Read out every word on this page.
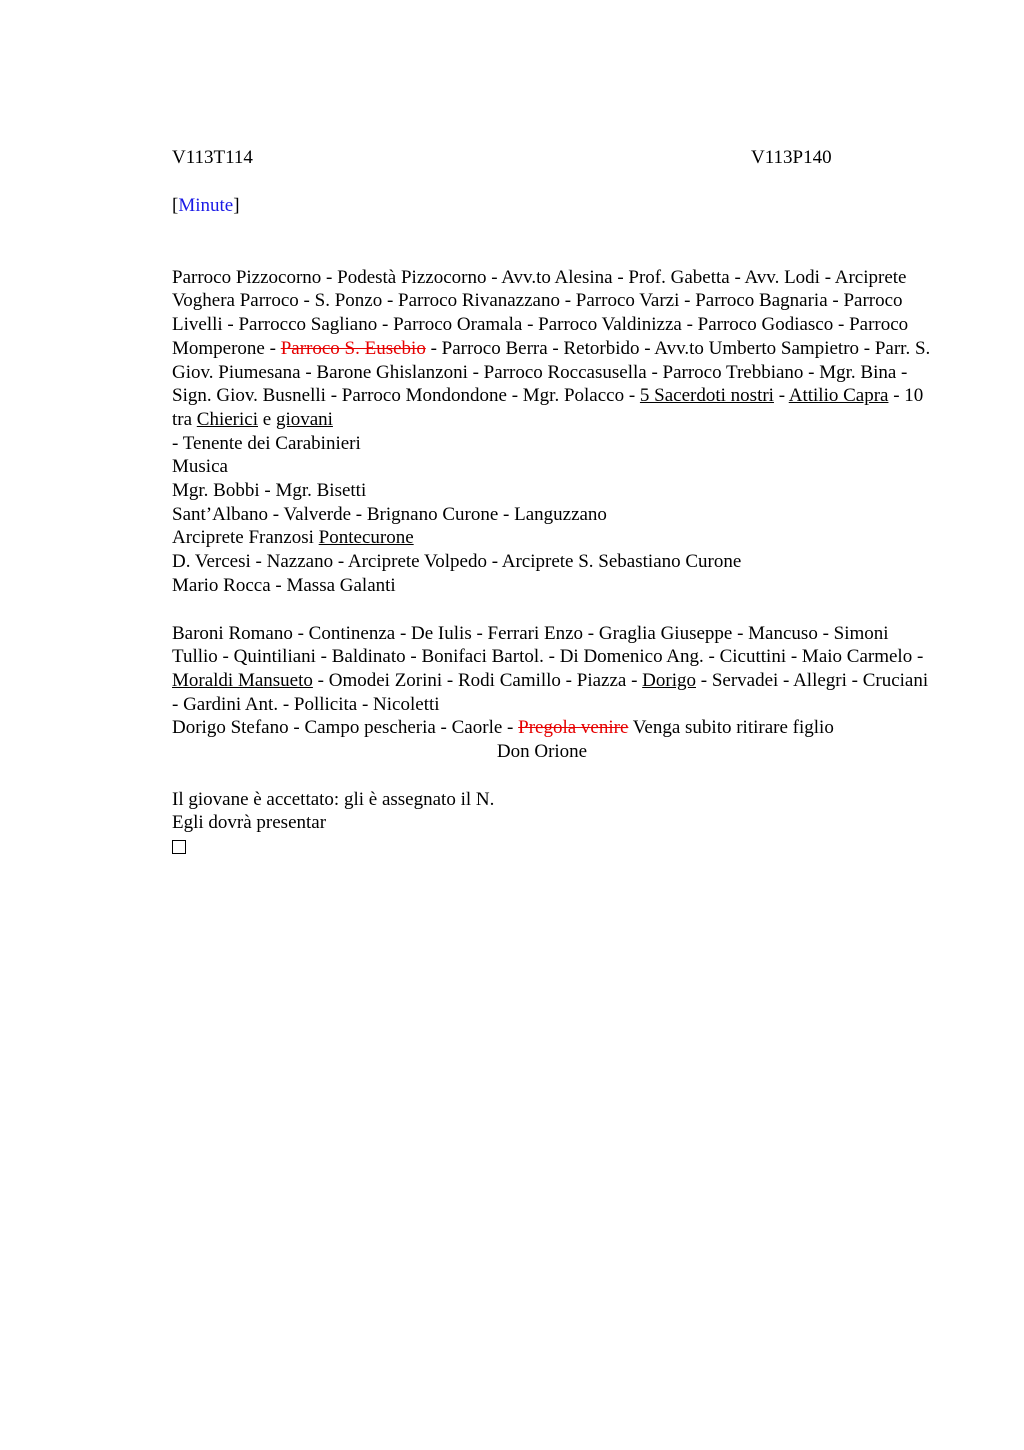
V113T114	V113P140
[Minute]

Parroco Pizzocorno - Podestà Pizzocorno - Avv.to Alesina - Prof. Gabetta - Avv. Lodi - Arciprete Voghera Parroco - S. Ponzo - Parroco Rivanazzano - Parroco Varzi - Parroco Bagnaria - Parroco Livelli - Parrocco Sagliano - Parroco Oramala - Parroco Valdinizza - Parroco Godiasco - Parroco Momperone - Parroco S. Eusebio - Parroco Berra - Retorbido - Avv.to Umberto Sampietro - Parr. S. Giov. Piumesana - Barone Ghislanzoni - Parroco Roccasusella - Parroco Trebbiano - Mgr. Bina - Sign. Giov. Busnelli - Parroco Mondondone - Mgr. Polacco - 5 Sacerdoti nostri - Attilio Capra - 10 tra Chierici e giovani
- Tenente dei Carabinieri

Musica
Mgr. Bobbi - Mgr. Bisetti
Sant’Albano - Valverde - Brignano Curone - Languzzano
Arciprete Franzosi Pontecurone
D. Vercesi - Nazzano - Arciprete Volpedo - Arciprete S. Sebastiano Curone
Mario Rocca - Massa Galanti

Baroni Romano - Continenza - De Iulis - Ferrari Enzo - Graglia Giuseppe - Mancuso - Simoni Tullio - Quintiliani - Baldinato - Bonifaci Bartol. - Di Domenico Ang. - Cicuttini - Maio Carmelo - Moraldi Mansueto - Omodei Zorini - Rodi Camillo - Piazza - Dorigo - Servadei - Allegri - Cruciani - Gardini Ant. - Pollicita - Nicoletti

Dorigo Stefano - Campo pescheria - Caorle - Pregola venire Venga subito ritirare figlio
Don Orione
Il giovane è accettato: gli è assegnato il N.
Egli dovrà presentar
